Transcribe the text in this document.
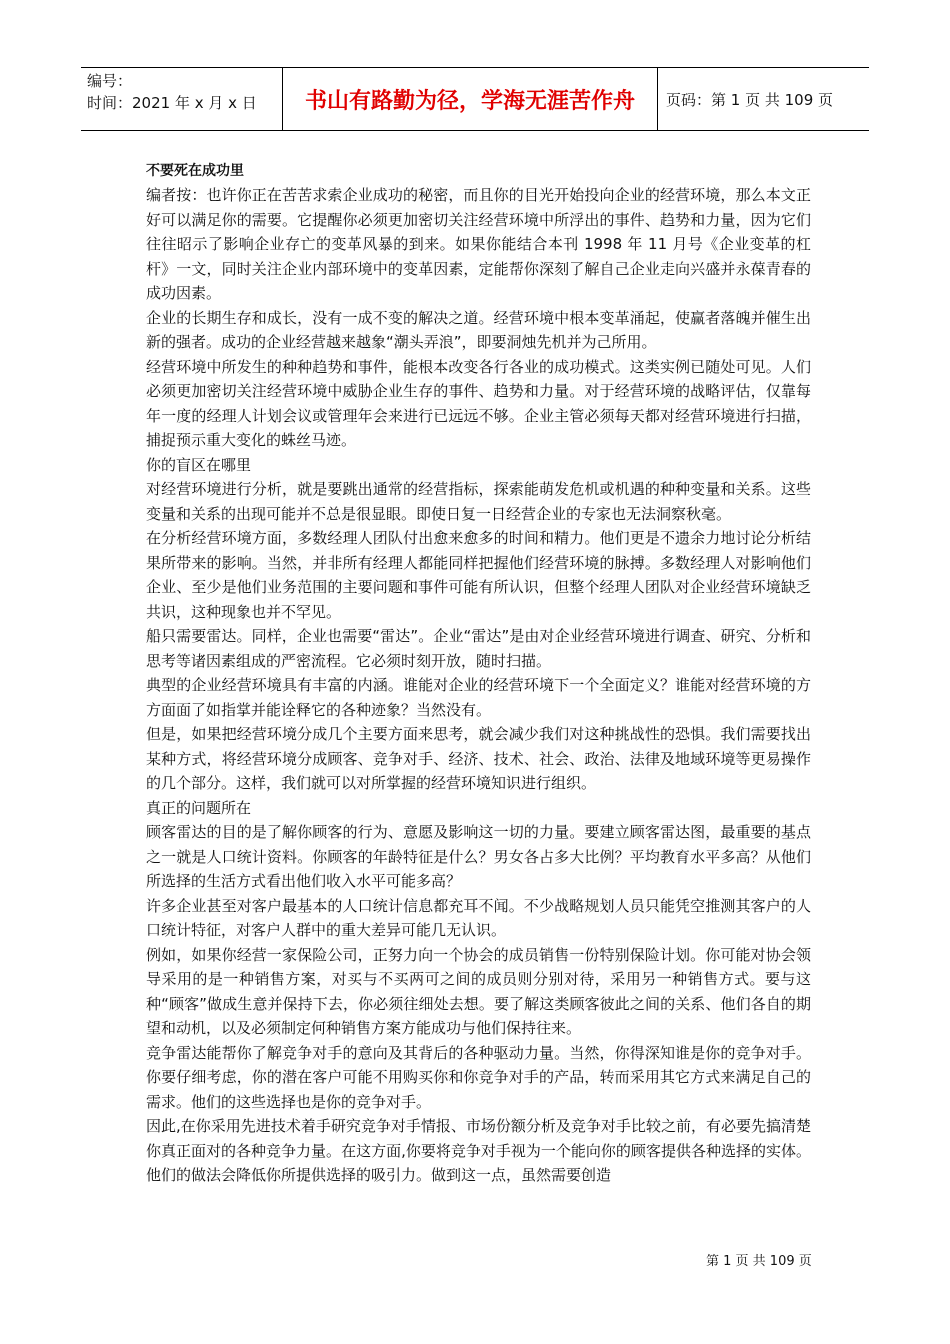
编号：
时间：2021 年 x 月 x 日	书山有路勤为径，学海无涯苦作舟	页码：第 1 页 共 109 页

不要死在成功里

编者按：也许你正在苦苦求索企业成功的秘密，而且你的目光开始投向企业的经营环境，那么本文正好可以满足你的需要。它提醒你必须更加密切关注经营环境中所浮出的事件、趋势和力量，因为它们往往昭示了影响企业存亡的变革风暴的到来。如果你能结合本刊 1998 年 11 月号《企业变革的杠杆》一文，同时关注企业内部环境中的变革因素，定能帮你深刻了解自己企业走向兴盛并永葆青春的成功因素。

企业的长期生存和成长，没有一成不变的解决之道。经营环境中根本变革涌起，使赢者落魄并催生出新的强者。成功的企业经营越来越象“潮头弄浪”，即要洞烛先机并为己所用。

经营环境中所发生的种种趋势和事件，能根本改变各行各业的成功模式。这类实例已随处可见。人们必须更加密切关注经营环境中威胁企业生存的事件、趋势和力量。对于经营环境的战略评估，仅靠每年一度的经理人计划会议或管理年会来进行已远远不够。企业主管必须每天都对经营环境进行扫描，捕捉预示重大变化的蛛丝马迹。

你的盲区在哪里

对经营环境进行分析，就是要跳出通常的经营指标，探索能萌发危机或机遇的种种变量和关系。这些变量和关系的出现可能并不总是很显眼。即使日复一日经营企业的专家也无法洞察秋毫。

在分析经营环境方面，多数经理人团队付出愈来愈多的时间和精力。他们更是不遗余力地讨论分析结果所带来的影响。当然，并非所有经理人都能同样把握他们经营环境的脉搏。多数经理人对影响他们企业、至少是他们业务范围的主要问题和事件可能有所认识，但整个经理人团队对企业经营环境缺乏共识，这种现象也并不罕见。

船只需要雷达。同样，企业也需要“雷达”。企业“雷达”是由对企业经营环境进行调查、研究、分析和思考等诸因素组成的严密流程。它必须时刻开放，随时扫描。

典型的企业经营环境具有丰富的内涵。谁能对企业的经营环境下一个全面定义？谁能对经营环境的方方面面了如指掌并能诠释它的各种迹象？当然没有。

但是，如果把经营环境分成几个主要方面来思考，就会减少我们对这种挑战性的恐惧。我们需要找出某种方式，将经营环境分成顾客、竞争对手、经济、技术、社会、政治、法律及地域环境等更易操作的几个部分。这样，我们就可以对所掌握的经营环境知识进行组织。

真正的问题所在

顾客雷达的目的是了解你顾客的行为、意愿及影响这一切的力量。要建立顾客雷达图，最重要的基点之一就是人口统计资料。你顾客的年龄特征是什么？男女各占多大比例？平均教育水平多高？从他们所选择的生活方式看出他们收入水平可能多高？

许多企业甚至对客户最基本的人口统计信息都充耳不闻。不少战略规划人员只能凭空推测其客户的人口统计特征，对客户人群中的重大差异可能几无认识。

例如，如果你经营一家保险公司，正努力向一个协会的成员销售一份特别保险计划。你可能对协会领导采用的是一种销售方案，对买与不买两可之间的成员则分别对待，采用另一种销售方式。要与这种“顾客”做成生意并保持下去，你必须往细处去想。要了解这类顾客彼此之间的关系、他们各自的期望和动机，以及必须制定何种销售方案方能成功与他们保持往来。

竞争雷达能帮你了解竞争对手的意向及其背后的各种驱动力量。当然，你得深知谁是你的竞争对手。你要仔细考虑，你的潜在客户可能不用购买你和你竞争对手的产品，转而采用其它方式来满足自己的需求。他们的这些选择也是你的竞争对手。

因此,在你采用先进技术着手研究竞争对手情报、市场份额分析及竞争对手比较之前，有必要先搞清楚你真正面对的各种竞争力量。在这方面,你要将竞争对手视为一个能向你的顾客提供各种选择的实体。他们的做法会降低你所提供选择的吸引力。做到这一点，虽然需要创造

第 1 页 共 109 页
